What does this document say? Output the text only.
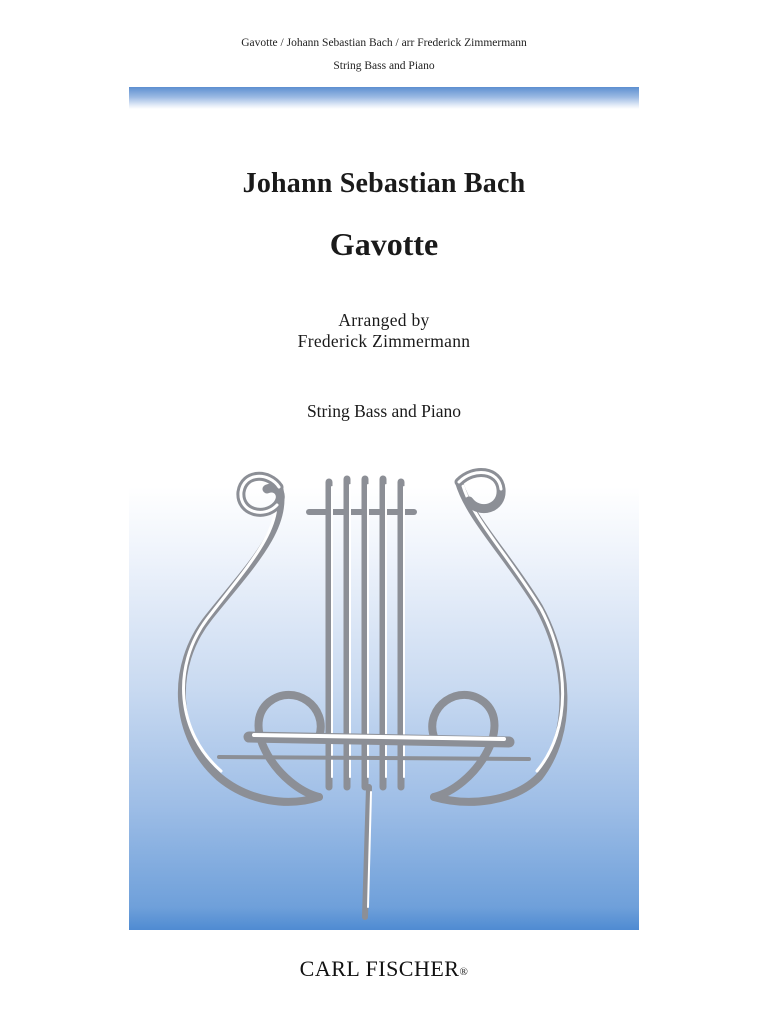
Gavotte / Johann Sebastian Bach / arr Frederick Zimmermann
String Bass and Piano
Johann Sebastian Bach
Gavotte
Arranged by
Frederick Zimmermann
String Bass and Piano
CARL FISCHER®
